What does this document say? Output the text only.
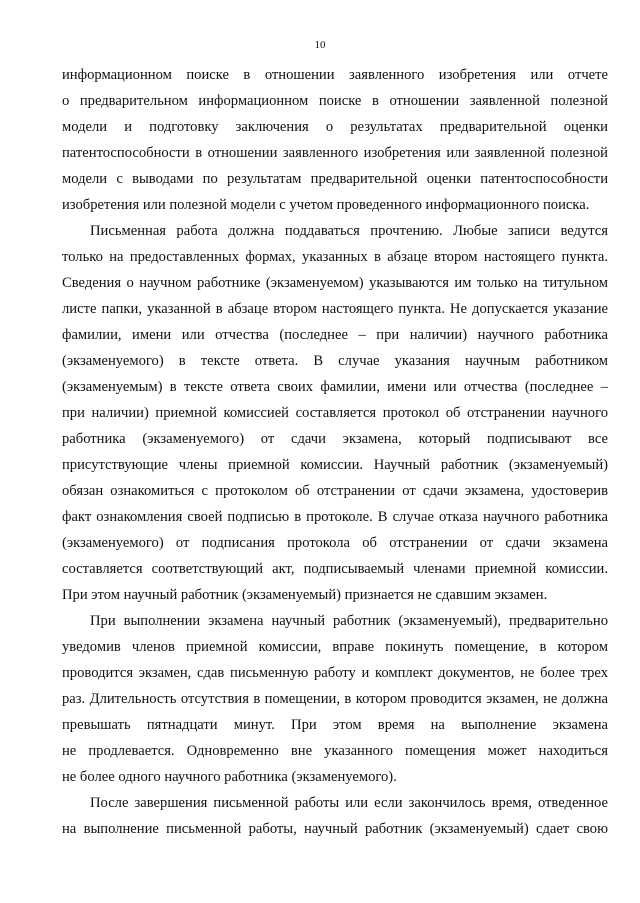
10
информационном поиске в отношении заявленного изобретения или отчете
о предварительном информационном поиске в отношении заявленной полезной
модели и подготовку заключения о результатах предварительной оценки
патентоспособности в отношении заявленного изобретения или заявленной полезной
модели с выводами по результатам предварительной оценки патентоспособности
изобретения или полезной модели с учетом проведенного информационного поиска.
Письменная работа должна поддаваться прочтению. Любые записи ведутся
только на предоставленных формах, указанных в абзаце втором настоящего пункта.
Сведения о научном работнике (экзаменуемом) указываются им только на титульном
листе папки, указанной в абзаце втором настоящего пункта. Не допускается указание
фамилии, имени или отчества (последнее – при наличии) научного работника
(экзаменуемого) в тексте ответа. В случае указания научным работником
(экзаменуемым) в тексте ответа своих фамилии, имени или отчества (последнее –
при наличии) приемной комиссией составляется протокол об отстранении научного
работника (экзаменуемого) от сдачи экзамена, который подписывают все
присутствующие члены приемной комиссии. Научный работник (экзаменуемый)
обязан ознакомиться с протоколом об отстранении от сдачи экзамена, удостоверив
факт ознакомления своей подписью в протоколе. В случае отказа научного работника
(экзаменуемого) от подписания протокола об отстранении от сдачи экзамена
составляется соответствующий акт, подписываемый членами приемной комиссии.
При этом научный работник (экзаменуемый) признается не сдавшим экзамен.
При выполнении экзамена научный работник (экзаменуемый), предварительно
уведомив членов приемной комиссии, вправе покинуть помещение, в котором
проводится экзамен, сдав письменную работу и комплект документов, не более трех
раз. Длительность отсутствия в помещении, в котором проводится экзамен, не должна
превышать пятнадцати минут. При этом время на выполнение экзамена
не продлевается. Одновременно вне указанного помещения может находиться
не более одного научного работника (экзаменуемого).
После завершения письменной работы или если закончилось время, отведенное
на выполнение письменной работы, научный работник (экзаменуемый) сдает свою
